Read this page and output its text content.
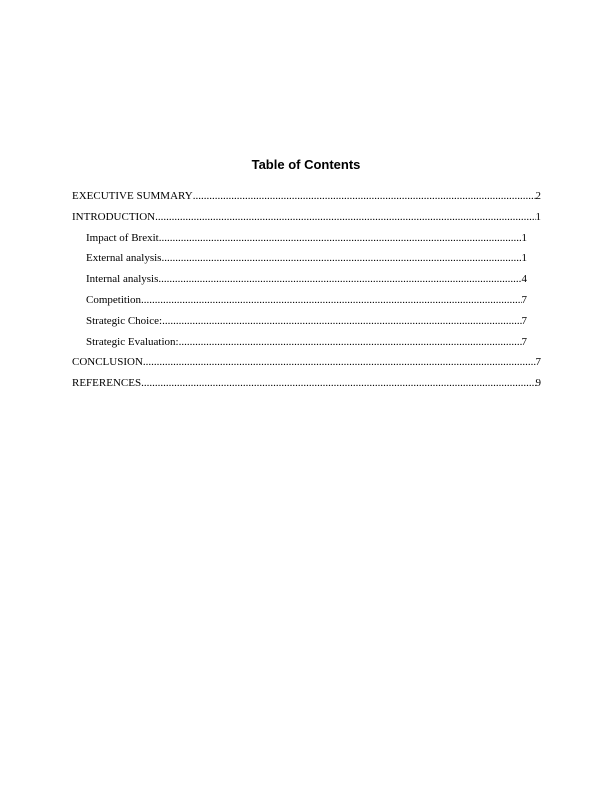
Table of Contents
EXECUTIVE SUMMARY .....	2
INTRODUCTION .....	1
Impact of Brexit .....	1
External analysis .....	1
Internal analysis .....	4
Competition .....	7
Strategic Choice: .....	7
Strategic Evaluation: .....	7
CONCLUSION .....	7
REFERENCES .....	9
